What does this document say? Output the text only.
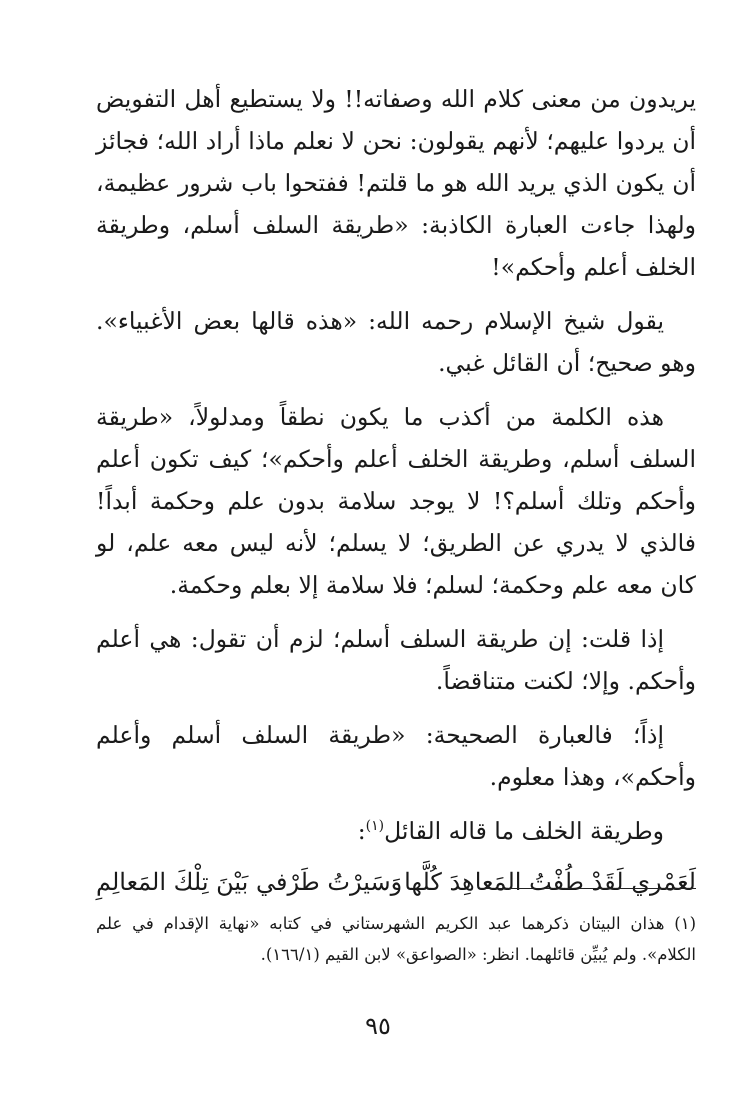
يريدون من معنى كلام الله وصفاته!! ولا يستطيع أهل التفويض أن يردوا عليهم؛ لأنهم يقولون: نحن لا نعلم ماذا أراد الله؛ فجائز أن يكون الذي يريد الله هو ما قلتم! ففتحوا باب شرور عظيمة، ولهذا جاءت العبارة الكاذبة: «طريقة السلف أسلم، وطريقة الخلف أعلم وأحكم»!

يقول شيخ الإسلام رحمه الله: «هذه قالها بعض الأغبياء». وهو صحيح؛ أن القائل غبي.

هذه الكلمة من أكذب ما يكون نطقاً ومدلولاً، «طريقة السلف أسلم، وطريقة الخلف أعلم وأحكم»؛ كيف تكون أعلم وأحكم وتلك أسلم؟! لا يوجد سلامة بدون علم وحكمة أبداً! فالذي لا يدري عن الطريق؛ لا يسلم؛ لأنه ليس معه علم، لو كان معه علم وحكمة؛ لسلم؛ فلا سلامة إلا بعلم وحكمة.

إذا قلت: إن طريقة السلف أسلم؛ لزم أن تقول: هي أعلم وأحكم. وإلا؛ لكنت متناقضاً.

إذاً؛ فالعبارة الصحيحة: «طريقة السلف أسلم وأعلم وأحكم»، وهذا معلوم.

وطريقة الخلف ما قاله القائل$^{(١)}$:

لَعَمْري لَقَدْ طُفْتُ المَعاهِدَ كُلَّها
وَسَيرْتُ طَرْفي بَيْنَ تِلْكَ المَعالِمِ
(١) هذان البيتان ذكرهما عبد الكريم الشهرستاني في كتابه «نهاية الإقدام في علم الكلام». ولم يُبيِّن قائلهما. انظر: «الصواعق» لابن القيم (١٦٦/١).
٩٥
